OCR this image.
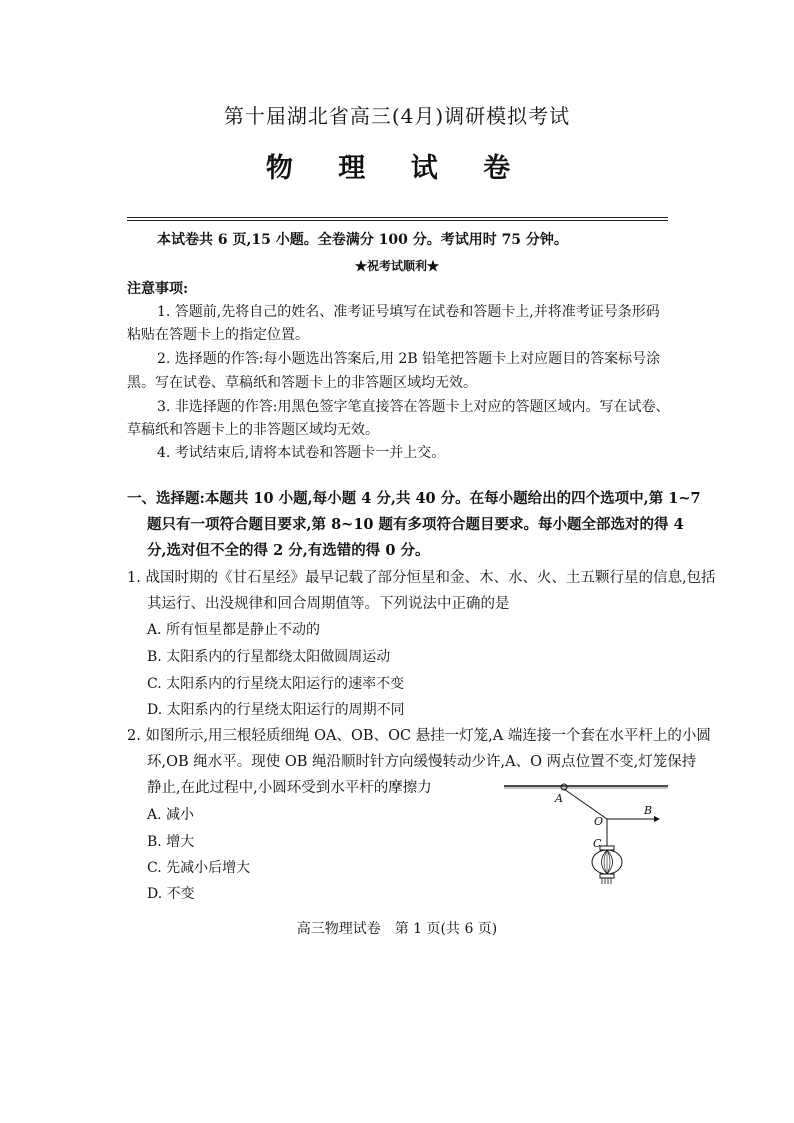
第十届湖北省高三(4月)调研模拟考试
物 理 试 卷
本试卷共 6 页,15 小题。全卷满分 100 分。考试用时 75 分钟。
★祝考试顺利★
注意事项:
1. 答题前,先将自己的姓名、准考证号填写在试卷和答题卡上,并将准考证号条形码
粘贴在答题卡上的指定位置。
2. 选择题的作答:每小题选出答案后,用 2B 铅笔把答题卡上对应题目的答案标号涂
黑。写在试卷、草稿纸和答题卡上的非答题区域均无效。
3. 非选择题的作答:用黑色签字笔直接答在答题卡上对应的答题区域内。写在试卷、
草稿纸和答题卡上的非答题区域均无效。
4. 考试结束后,请将本试卷和答题卡一并上交。
一、选择题:本题共 10 小题,每小题 4 分,共 40 分。在每小题给出的四个选项中,第 1~7
题只有一项符合题目要求,第 8~10 题有多项符合题目要求。每小题全部选对的得 4
分,选对但不全的得 2 分,有选错的得 0 分。
1. 战国时期的《甘石星经》最早记载了部分恒星和金、木、水、火、土五颗行星的信息,包括
其运行、出没规律和回合周期值等。下列说法中正确的是
A. 所有恒星都是静止不动的
B. 太阳系内的行星都绕太阳做圆周运动
C. 太阳系内的行星绕太阳运行的速率不变
D. 太阳系内的行星绕太阳运行的周期不同
2. 如图所示,用三根轻质细绳 OA、OB、OC 悬挂一灯笼,A 端连接一个套在水平杆上的小圆
环,OB 绳水平。现使 OB 绳沿顺时针方向缓慢转动少许,A、O 两点位置不变,灯笼保持
静止,在此过程中,小圆环受到水平杆的摩擦力
A. 减小
B. 增大
C. 先减小后增大
D. 不变
A
B
O
C
高三物理试卷　第 1 页(共 6 页)
